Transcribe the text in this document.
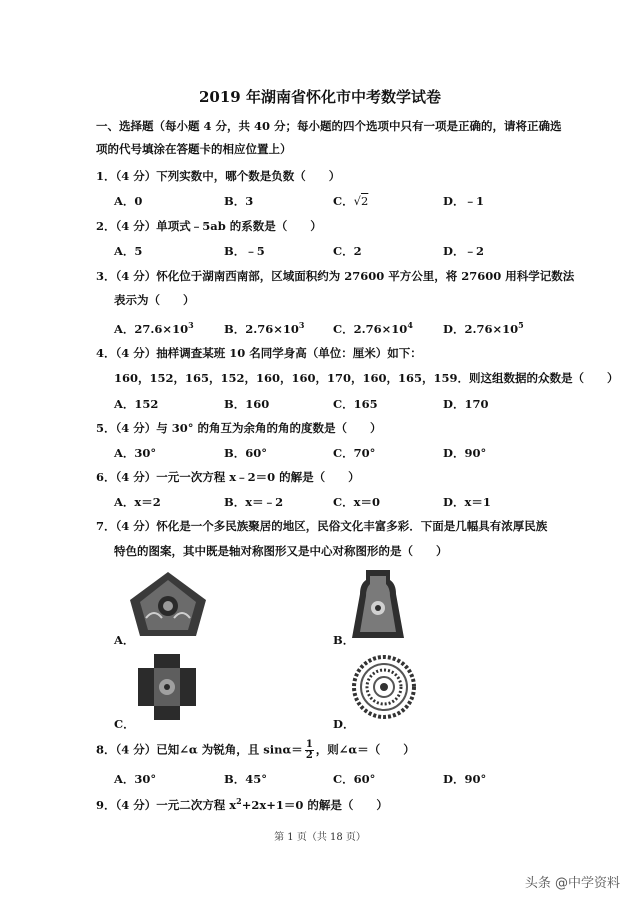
2019 年湖南省怀化市中考数学试卷
一、选择题（每小题 4 分，共 40 分；每小题的四个选项中只有一项是正确的，请将正确选
项的代号填涂在答题卡的相应位置上）
1．（4 分）下列实数中，哪个数是负数（　　）
A．0	B．3	C．√2	D．﹣1
2．（4 分）单项式﹣5ab 的系数是（　　）
A．5	B．﹣5	C．2	D．﹣2
3．（4 分）怀化位于湖南西南部，区域面积约为 27600 平方公里，将 27600 用科学记数法
表示为（　　）
A．$27.6\times 10^3$	B．$2.76\times 10^3$ C．$2.76\times 10^4$	D．$2.76\times 10^5$
4．（4 分）抽样调查某班 10 名同学身高（单位：厘米）如下：
160，152，165，152，160，160，170，160，165，159．则这组数据的众数是（　　）
A．152	B．160	C．165	D．170
5．（4 分）与 30° 的角互为余角的角的度数是（　　）
A．30°	B．60°	C．70°	D．90°
6．（4 分）一元一次方程 x﹣2＝0 的解是（　　）
A．x＝2	B．x＝﹣2	C．x＝0	D．x＝1
7．（4 分）怀化是一个多民族聚居的地区，民俗文化丰富多彩．下面是几幅具有浓厚民族
特色的图案，其中既是轴对称图形又是中心对称图形的是（　　）
A．	B．
C．	D．
8．（4 分）已知∠α 为锐角，且 $\sin\alpha= \frac{1}{2}$ ，则∠α＝（　　）
A．30°	B．45°	C．60°	D．90°
9．（4 分）一元二次方程 $x^2+2x+1=0$ 的解是（　　）
第 1 页（共 18 页）
头条 @中学资料
